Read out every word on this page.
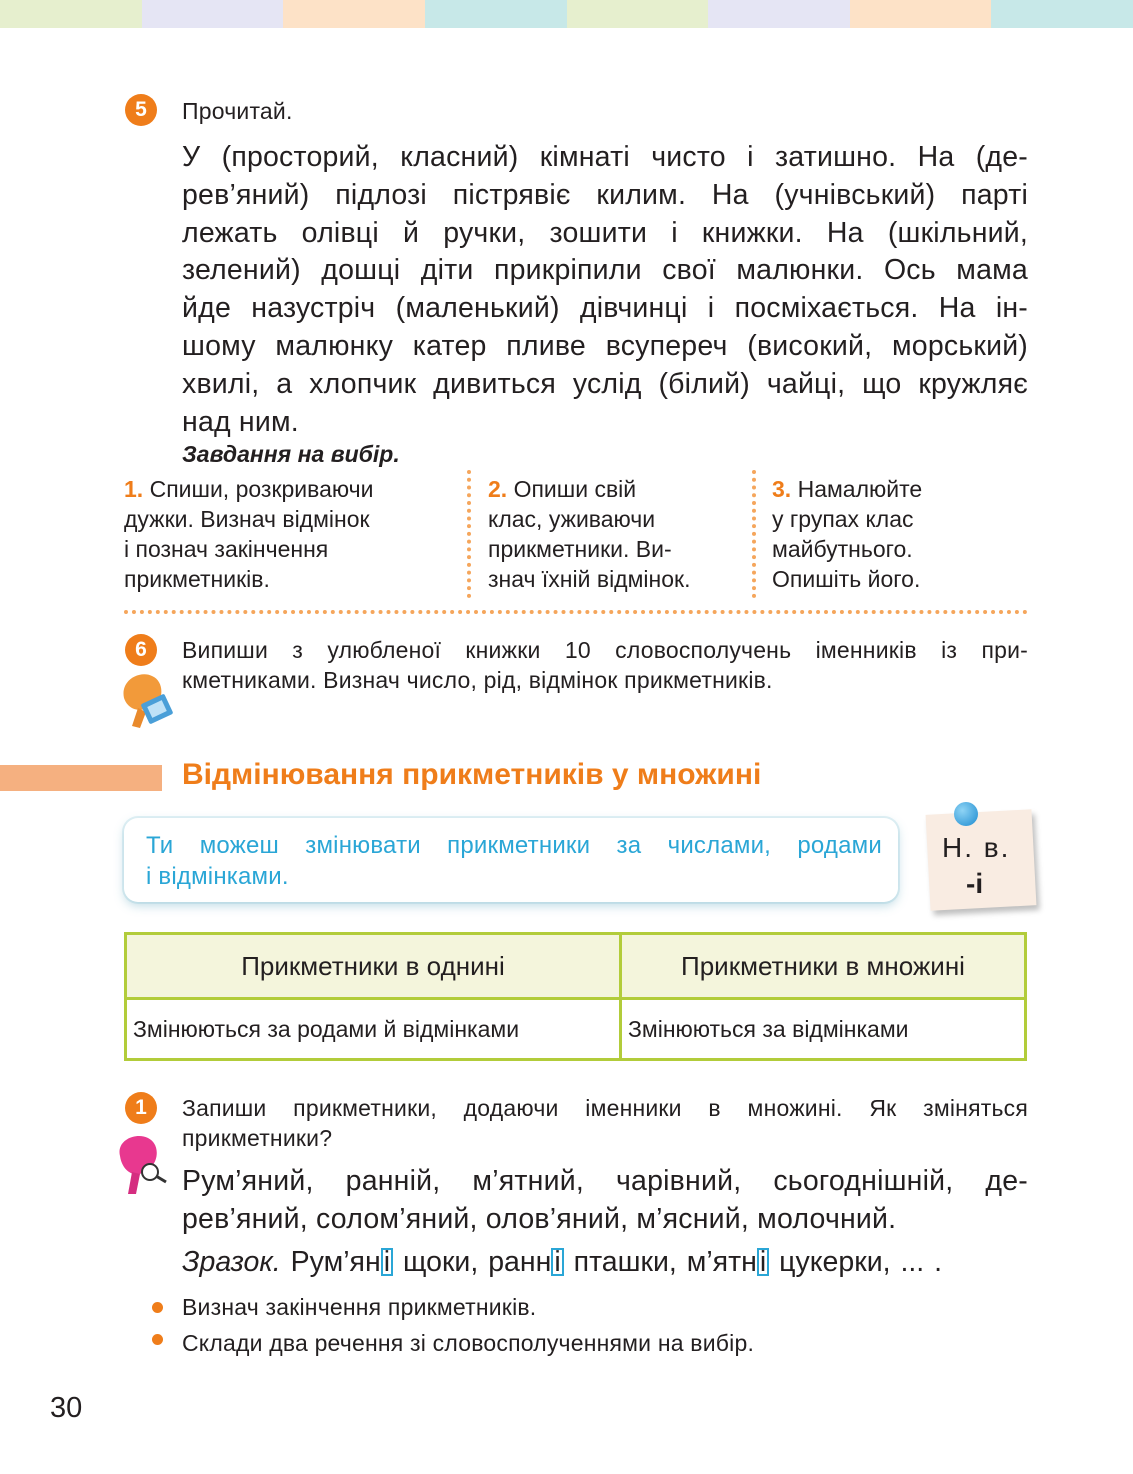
5	Прочитай.

У (просторий, класний) кімнаті чисто і затишно. На (де-

рев’яний) підлозі пістрявіє килим. На (учнівський) парті

лежать олівці й ручки, зошити і книжки. На (шкільний,

зелений) дошці діти прикріпили свої малюнки. Ось мама

йде назустріч (маленький) дівчинці і посміхається. На ін-

шому малюнку катер пливе всупереч (високий, морський)

хвилі, а хлопчик дивиться услід (білий) чайці, що кружляє

над ним.

Завдання на вибір.
1. Спиши, розкриваючи
дужки. Визнач відмінок
і познач закінчення
прикметників.
2. Опиши свій
клас, уживаючи
прикметники. Ви-
знач їхній відмінок.
3. Намалюйте
у групах клас
майбутнього.
Опишіть його.
6	Випиши з улюбленої книжки 10 словосполучень іменників із при-
кметниками. Визнач число, рід, відмінок прикметників.
Відмінювання прикметників у множині
Ти можеш змінювати прикметники за числами, родами
і відмінками.
Н. в.
-і
Прикметники в однині	Прикметники в множині
Змінюються за родами й відмінками	Змінюються за відмінками
1	Запиши прикметники, додаючи іменники в множині. Як зміняться
прикметники?

Рум’яний, ранній, м’ятний, чарівний, сьогоднішній, де-

рев’яний, солом’яний, олов’яний, м’ясний, молочний.

Зразок. Рум’ян і щоки, ранн і пташки, м’ятн і цукерки, ... .
Визнач закінчення прикметників.
Склади два речення зі словосполученнями на вибір.
30
